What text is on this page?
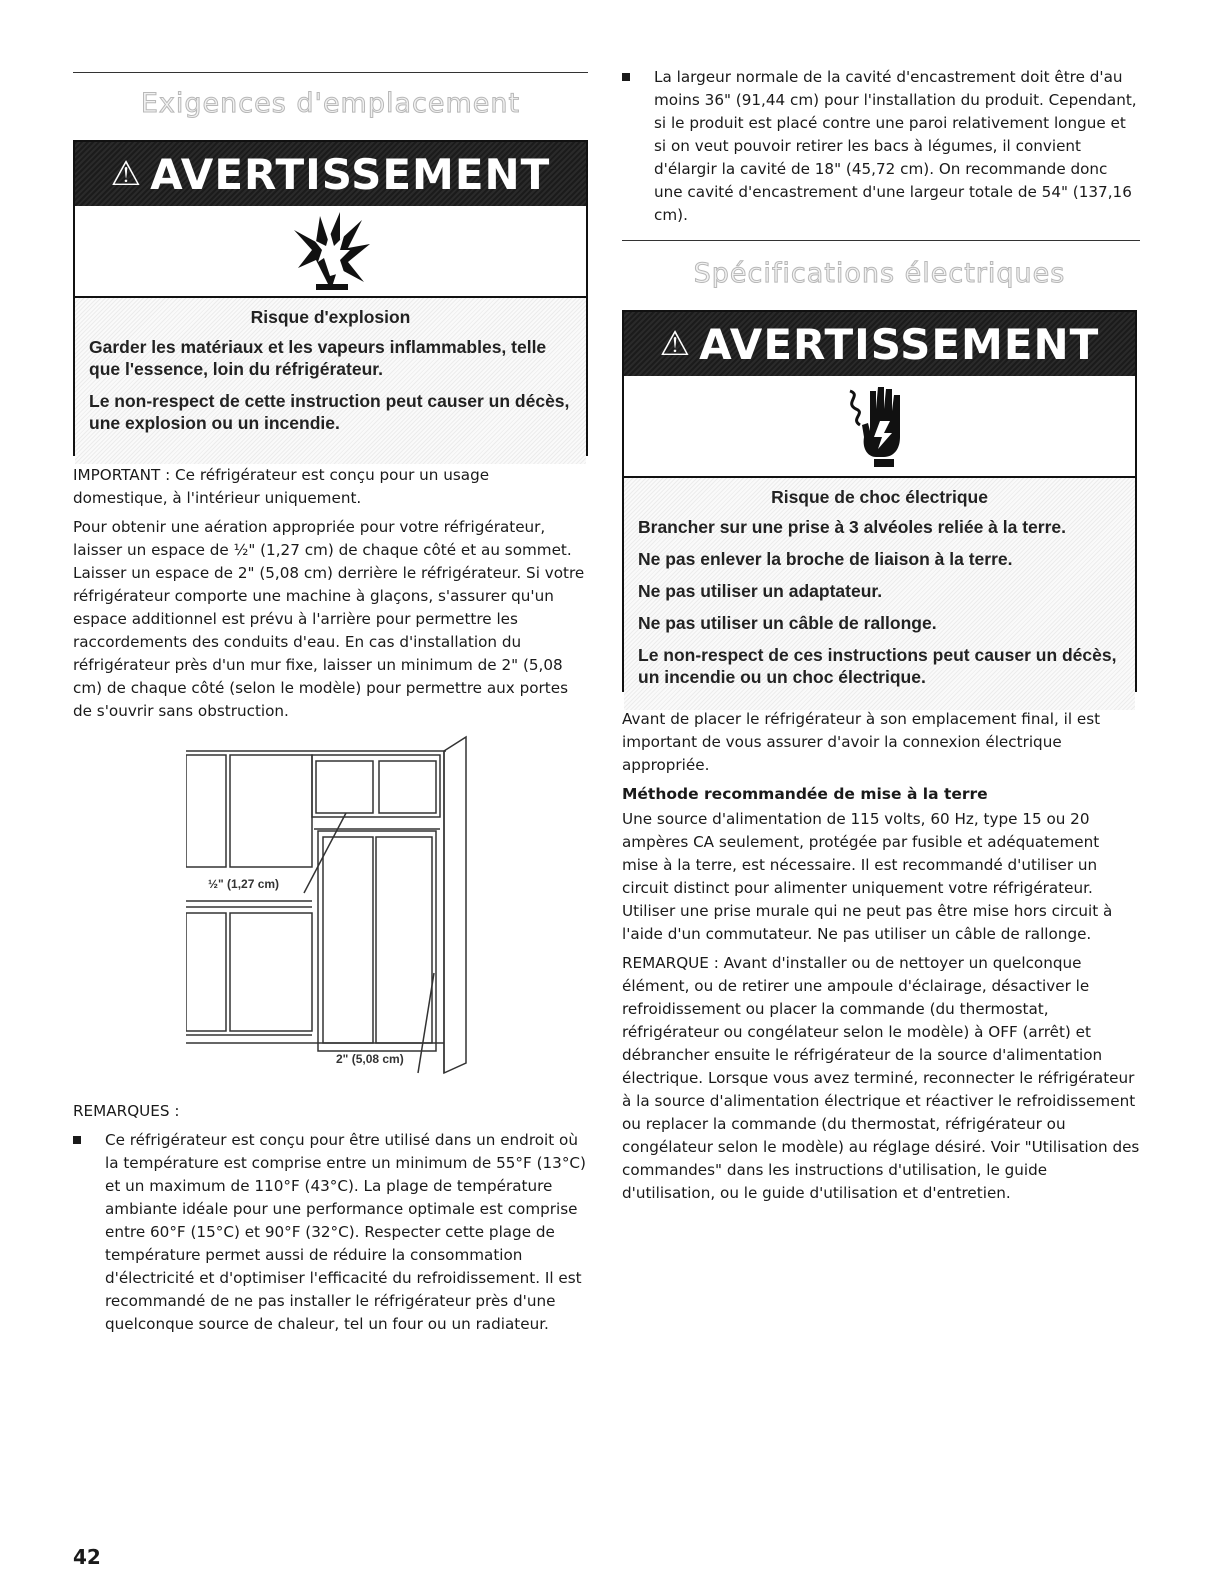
Exigences d'emplacement
⚠ AVERTISSEMENT
Risque d'explosion

Garder les matériaux et les vapeurs inflammables, telle que l'essence, loin du réfrigérateur.

Le non-respect de cette instruction peut causer un décès, une explosion ou un incendie.

IMPORTANT : Ce réfrigérateur est conçu pour un usage domestique, à l'intérieur uniquement.

Pour obtenir une aération appropriée pour votre réfrigérateur, laisser un espace de ½" (1,27 cm) de chaque côté et au sommet. Laisser un espace de 2" (5,08 cm) derrière le réfrigérateur. Si votre réfrigérateur comporte une machine à glaçons, s'assurer qu'un espace additionnel est prévu à l'arrière pour permettre les raccordements des conduits d'eau. En cas d'installation du réfrigérateur près d'un mur fixe, laisser un minimum de 2" (5,08 cm) de chaque côté (selon le modèle) pour permettre aux portes de s'ouvrir sans obstruction.

½" (1,27 cm)
2" (5,08 cm)

REMARQUES :

Ce réfrigérateur est conçu pour être utilisé dans un endroit où la température est comprise entre un minimum de 55°F (13°C) et un maximum de 110°F (43°C). La plage de température ambiante idéale pour une performance optimale est comprise entre 60°F (15°C) et 90°F (32°C). Respecter cette plage de température permet aussi de réduire la consommation d'électricité et d'optimiser l'efficacité du refroidissement. Il est recommandé de ne pas installer le réfrigérateur près d'une quelconque source de chaleur, tel un four ou un radiateur.
La largeur normale de la cavité d'encastrement doit être d'au moins 36" (91,44 cm) pour l'installation du produit. Cependant, si le produit est placé contre une paroi relativement longue et si on veut pouvoir retirer les bacs à légumes, il convient d'élargir la cavité de 18" (45,72 cm). On recommande donc une cavité d'encastrement d'une largeur totale de 54" (137,16 cm).
Spécifications électriques
⚠ AVERTISSEMENT
Risque de choc électrique

Brancher sur une prise à 3 alvéoles reliée à la terre.

Ne pas enlever la broche de liaison à la terre.

Ne pas utiliser un adaptateur.

Ne pas utiliser un câble de rallonge.

Le non-respect de ces instructions peut causer un décès, un incendie ou un choc électrique.

Avant de placer le réfrigérateur à son emplacement final, il est important de vous assurer d'avoir la connexion électrique appropriée.

Méthode recommandée de mise à la terre

Une source d'alimentation de 115 volts, 60 Hz, type 15 ou 20 ampères CA seulement, protégée par fusible et adéquatement mise à la terre, est nécessaire. Il est recommandé d'utiliser un circuit distinct pour alimenter uniquement votre réfrigérateur. Utiliser une prise murale qui ne peut pas être mise hors circuit à l'aide d'un commutateur. Ne pas utiliser un câble de rallonge.

REMARQUE : Avant d'installer ou de nettoyer un quelconque élément, ou de retirer une ampoule d'éclairage, désactiver le refroidissement ou placer la commande (du thermostat, réfrigérateur ou congélateur selon le modèle) à OFF (arrêt) et débrancher ensuite le réfrigérateur de la source d'alimentation électrique. Lorsque vous avez terminé, reconnecter le réfrigérateur à la source d'alimentation électrique et réactiver le refroidissement ou replacer la commande (du thermostat, réfrigérateur ou congélateur selon le modèle) au réglage désiré. Voir "Utilisation des commandes" dans les instructions d'utilisation, le guide d'utilisation, ou le guide d'utilisation et d'entretien.

42
